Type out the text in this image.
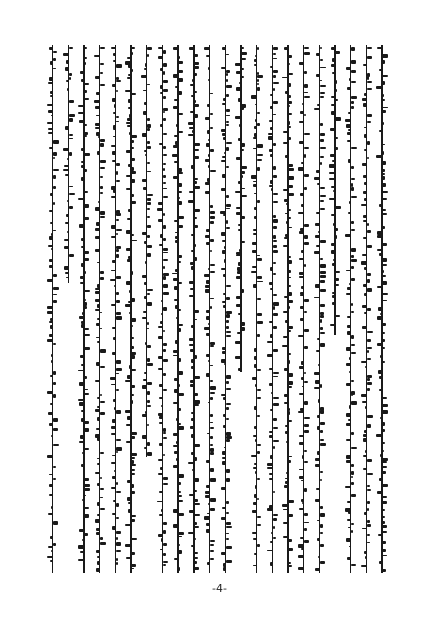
-4-
